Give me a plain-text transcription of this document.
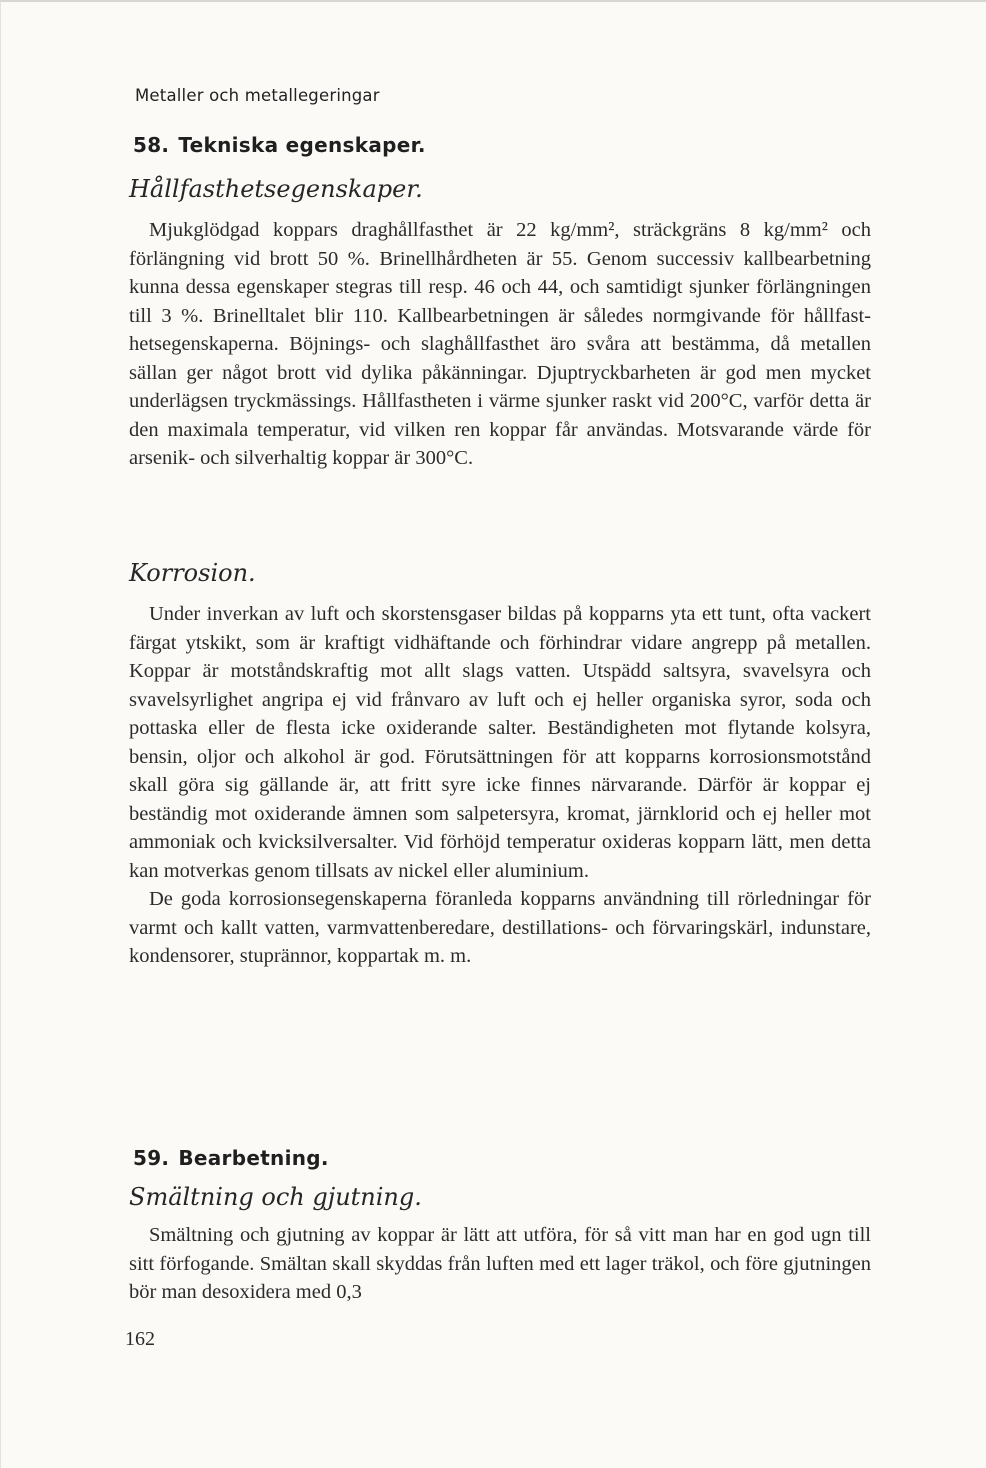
Metaller och metallegeringar
58. Tekniska egenskaper.
Hållfasthetsegenskaper.

Mjukglödgad koppars draghållfasthet är 22 kg/mm², sträckgräns 8 kg/mm² och förlängning vid brott 50 %. Brinellhårdheten är 55. Genom successiv kallbearbetning kunna dessa egenskaper stegras till resp. 46 och 44, och samtidigt sjunker förlängningen till 3 %. Brinelltalet blir 110. Kallbearbetningen är således normgivande för hållfasthetsegenskaperna. Böjnings- och slaghållfasthet äro svåra att bestämma, då metallen sällan ger något brott vid dylika påkänningar. Djuptryckbarheten är god men mycket underlägsen tryckmässings. Hållfastheten i värme sjunker raskt vid 200°C, varför detta är den maximala temperatur, vid vilken ren koppar får användas. Motsvarande värde för arsenik- och silverhaltig koppar är 300°C.

Korrosion.

Under inverkan av luft och skorstensgaser bildas på kopparns yta ett tunt, ofta vackert färgat ytskikt, som är kraftigt vidhäftande och förhindrar vidare angrepp på metallen. Koppar är motståndskraftig mot allt slags vatten. Utspädd saltsyra, svavelsyra och svavelsyrlighet angripa ej vid frånvaro av luft och ej heller organiska syror, soda och pottaska eller de flesta icke oxiderande salter. Beständigheten mot flytande kolsyra, bensin, oljor och alkohol är god. Förutsättningen för att kopparns korrosionsmotstånd skall göra sig gällande är, att fritt syre icke finnes närvarande. Därför är koppar ej beständig mot oxiderande ämnen som salpetersyra, kromat, järnklorid och ej heller mot ammoniak och kvicksilversalter. Vid förhöjd temperatur oxideras kopparn lätt, men detta kan motverkas genom tillsats av nickel eller aluminium.

De goda korrosionsegenskaperna föranleda kopparns användning till rörledningar för varmt och kallt vatten, varmvattenberedare, destillations- och förvaringskärl, indunstare, kondensorer, stuprännor, koppartak m. m.

59. Bearbetning.
Smältning och gjutning.

Smältning och gjutning av koppar är lätt att utföra, för så vitt man har en god ugn till sitt förfogande. Smältan skall skyddas från luften med ett lager träkol, och före gjutningen bör man desoxidera med 0,3

162
